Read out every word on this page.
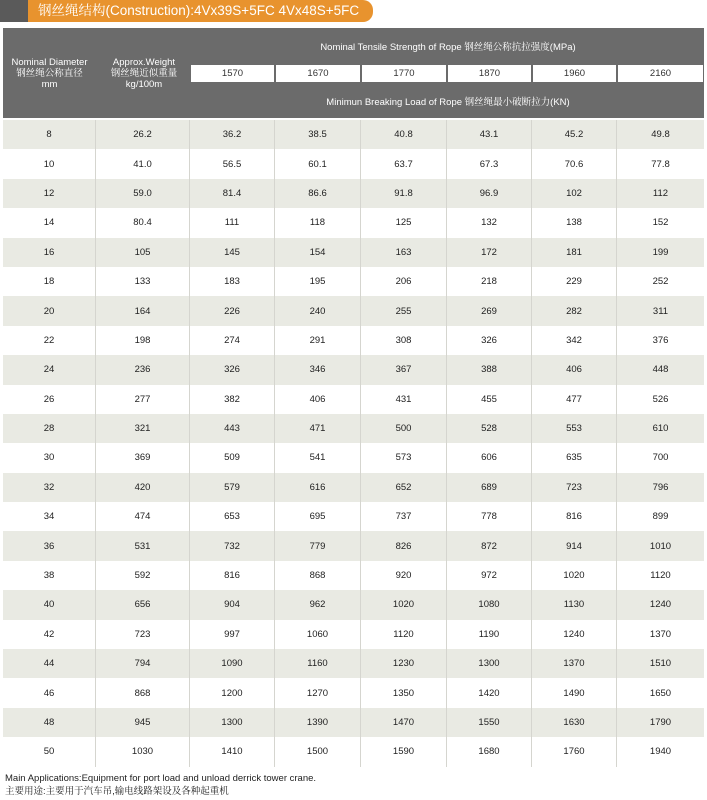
钢丝绳结构(Construction):4Vx39S+5FC 4Vx48S+5FC
Nominal Diameter
钢丝绳公称直径
mm
Approx.Weight
钢丝绳近似重量
kg/100m
Nominal Tensile Strength of Rope 钢丝绳公称抗拉强度(MPa)
1570	1670	1770	1870	1960	2160
Minimun Breaking Load of Rope 钢丝绳最小破断拉力(KN)
8	26.2	36.2	38.5	40.8	43.1	45.2	49.8
10	41.0	56.5	60.1	63.7	67.3	70.6	77.8
12	59.0	81.4	86.6	91.8	96.9	102	112
14	80.4	111	118	125	132	138	152
16	105	145	154	163	172	181	199
18	133	183	195	206	218	229	252
20	164	226	240	255	269	282	311
22	198	274	291	308	326	342	376
24	236	326	346	367	388	406	448
26	277	382	406	431	455	477	526
28	321	443	471	500	528	553	610
30	369	509	541	573	606	635	700
32	420	579	616	652	689	723	796
34	474	653	695	737	778	816	899
36	531	732	779	826	872	914	1010
38	592	816	868	920	972	1020	1120
40	656	904	962	1020	1080	1130	1240
42	723	997	1060	1120	1190	1240	1370
44	794	1090	1160	1230	1300	1370	1510
46	868	1200	1270	1350	1420	1490	1650
48	945	1300	1390	1470	1550	1630	1790
50	1030	1410	1500	1590	1680	1760	1940
Main Applications:Equipment for port load and unload derrick tower crane.
主要用途:主要用于汽车吊,输电线路架设及各种起重机
